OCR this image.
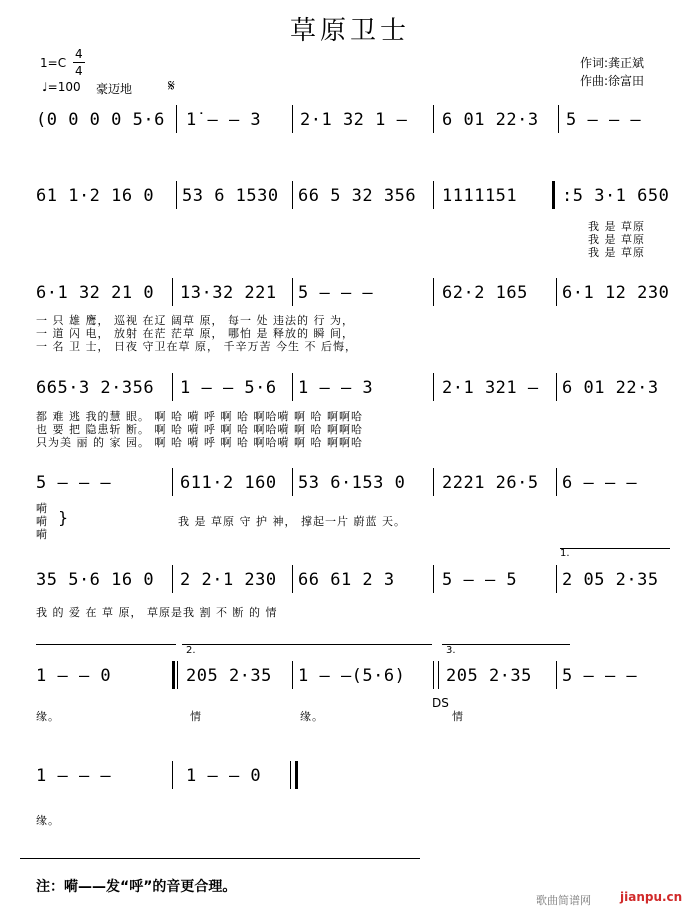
草原卫士
1=C
4
4
♩=100 豪迈地 𝄋
作词:龚正斌
作曲:徐富田
(0 0 0 0 5·6 1̇ — — 3 2·1 32 1 — 6 01 22·3 5 — — —
61 1·2 16 0 53 6 1530 66 5 32 356 1111151	:5 3·1 650
我 是 草原
我 是 草原
我 是 草原
6·1 32 21 0 13·32 221 5 — — —	62·2 165 6·1 12 230
一 只 雄 鹰， 巡视 在辽 阔草 原， 每一 处 违法的 行 为，
一 道 闪 电， 放射 在茫 茫草 原， 哪怕 是 释放的 瞬 间，
一 名 卫 士， 日夜 守卫在草 原， 千辛万苦 今生 不 后悔，
665·3 2·356 1 — — 5·6 1 — — 3	2·1 321 — 6 01 22·3
都 难 逃 我的慧 眼。 啊 哈 嗬 呼 啊 哈 啊哈嗬 啊 哈 啊啊哈
也 要 把 隐患斩 断。 啊 哈 嗬 呼 啊 哈 啊哈嗬 啊 哈 啊啊哈
只为美 丽 的 家 园。 啊 哈 嗬 呼 啊 哈 啊哈嗬 啊 哈 啊啊哈
5 — — —	611·2 160 53 6·153 0 2221 26·5 6 — — —
嗬
嗬
嗬
}	我 是 草原 守 护 神， 撑起一片 蔚蓝 天。
1.
35 5·6 16 0 2 2·1 230 66 61 2 3	5 — — 5	2 05 2·35
我 的 爱 在 草 原， 草原是我 割 不 断 的 情
2.	3.
1 — — 0	205 2·35 1 — —(5·6) 205 2·35 5 — — —
DS
缘。	情	缘。	情
1 — — —	1 — — 0
缘。
注：嗬——发“呼”的音更合理。
歌曲简谱网 jianpu.cn
